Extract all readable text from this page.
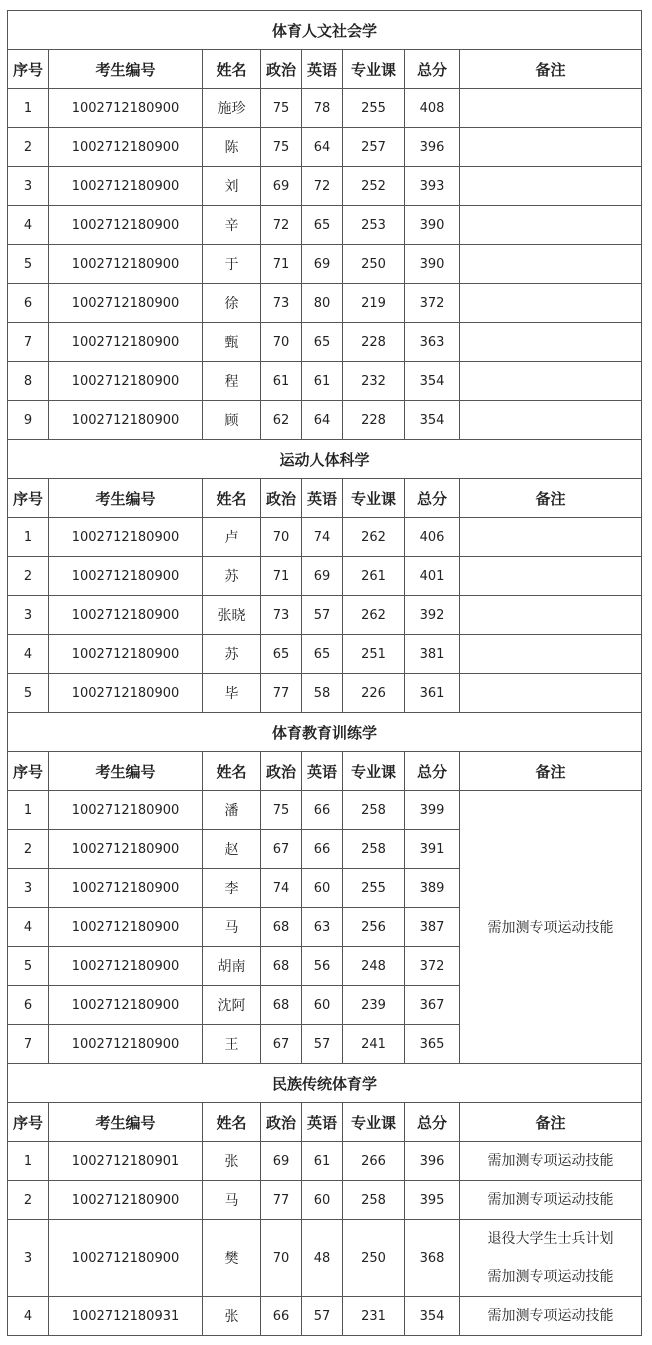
体育人文社会学							
序号	考生编号	姓名	政治	英语	专业课	总分	备注
1	1002712180900	施珍	75	78	255	408	
2	1002712180900	陈	75	64	257	396	
3	1002712180900	刘	69	72	252	393	
4	1002712180900	辛	72	65	253	390	
5	1002712180900	于	71	69	250	390	
6	1002712180900	徐	73	80	219	372	
7	1002712180900	甄	70	65	228	363	
8	1002712180900	程	61	61	232	354	
9	1002712180900	顾	62	64	228	354	
运动人体科学							
序号	考生编号	姓名	政治	英语	专业课	总分	备注
1	1002712180900	卢	70	74	262	406	
2	1002712180900	苏	71	69	261	401	
3	1002712180900	张晓	73	57	262	392	
4	1002712180900	苏	65	65	251	381	
5	1002712180900	毕	77	58	226	361	
体育教育训练学							
序号	考生编号	姓名	政治	英语	专业课	总分	备注
1	1002712180900	潘	75	66	258	399	需加测专项运动技能
2	1002712180900	赵	67	66	258	391	
3	1002712180900	李	74	60	255	389	
4	1002712180900	马	68	63	256	387	
5	1002712180900	胡南	68	56	248	372	
6	1002712180900	沈阿	68	60	239	367	
7	1002712180900	王	67	57	241	365	
民族传统体育学							
序号	考生编号	姓名	政治	英语	专业课	总分	备注
1	1002712180901	张	69	61	266	396	需加测专项运动技能

2	1002712180900	马	77	60	258	395	需加测专项运动技能

3	1002712180900	樊	70	48	250	368	退役大学生士兵计划
需加测专项运动技能

4	1002712180931	张	66	57	231	354	需加测专项运动技能
